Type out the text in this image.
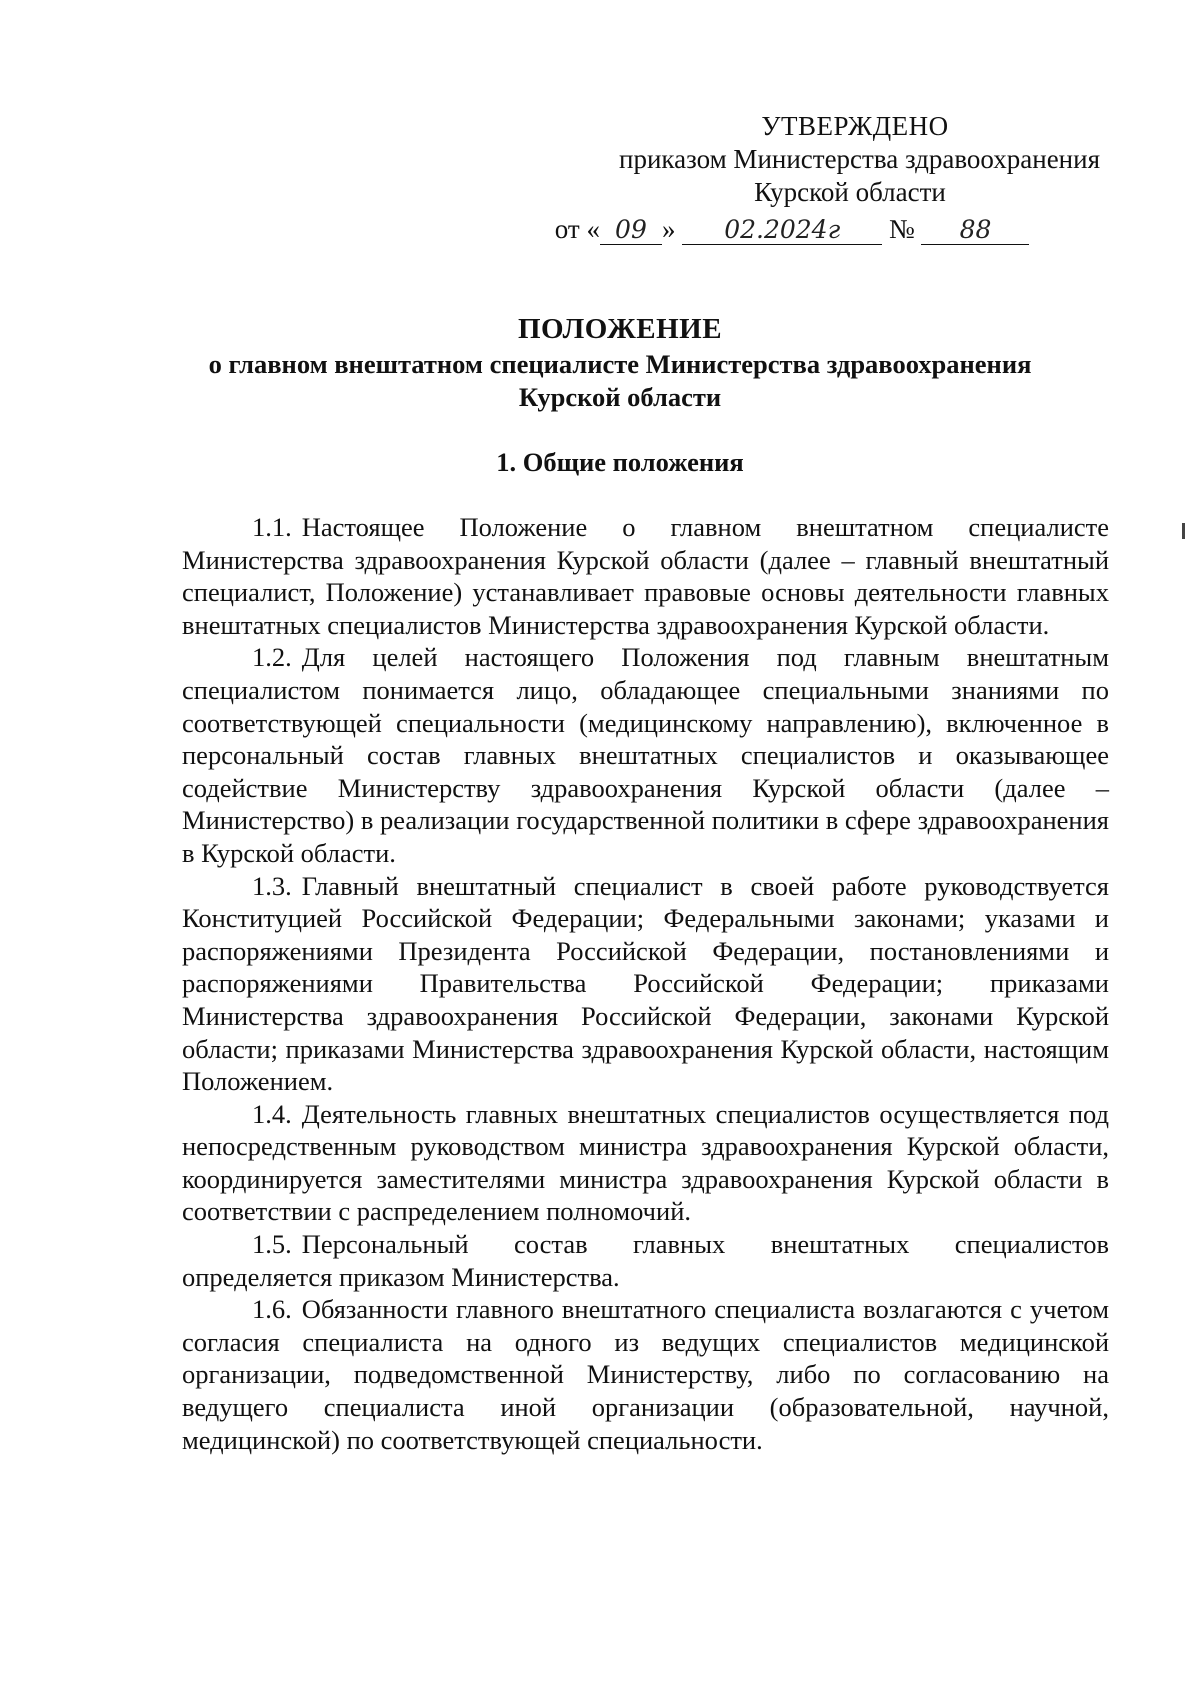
УТВЕРЖДЕНО
приказом Министерства здравоохранения
Курской области
от « 09 » 02.2024г № 88
ПОЛОЖЕНИЕ
о главном внештатном специалисте Министерства здравоохранения
Курской области
1. Общие положения

1.1. Настоящее Положение о главном внештатном специалисте Министерства здравоохранения Курской области (далее – главный внештатный специалист, Положение) устанавливает правовые основы деятельности главных внештатных специалистов Министерства здравоохранения Курской области.

1.2. Для целей настоящего Положения под главным внештатным специалистом понимается лицо, обладающее специальными знаниями по соответствующей специальности (медицинскому направлению), включенное в персональный состав главных внештатных специалистов и оказывающее содействие Министерству здравоохранения Курской области (далее – Министерство) в реализации государственной политики в сфере здравоохранения в Курской области.

1.3. Главный внештатный специалист в своей работе руководствуется Конституцией Российской Федерации; Федеральными законами; указами и распоряжениями Президента Российской Федерации, постановлениями и распоряжениями Правительства Российской Федерации; приказами Министерства здравоохранения Российской Федерации, законами Курской области; приказами Министерства здравоохранения Курской области, настоящим Положением.

1.4. Деятельность главных внештатных специалистов осуществляется под непосредственным руководством министра здравоохранения Курской области, координируется заместителями министра здравоохранения Курской области в соответствии с распределением полномочий.

1.5. Персональный состав главных внештатных специалистов определяется приказом Министерства.

1.6. Обязанности главного внештатного специалиста возлагаются с учетом согласия специалиста на одного из ведущих специалистов медицинской организации, подведомственной Министерству, либо по согласованию на ведущего специалиста иной организации (образовательной, научной, медицинской) по соответствующей специальности.
